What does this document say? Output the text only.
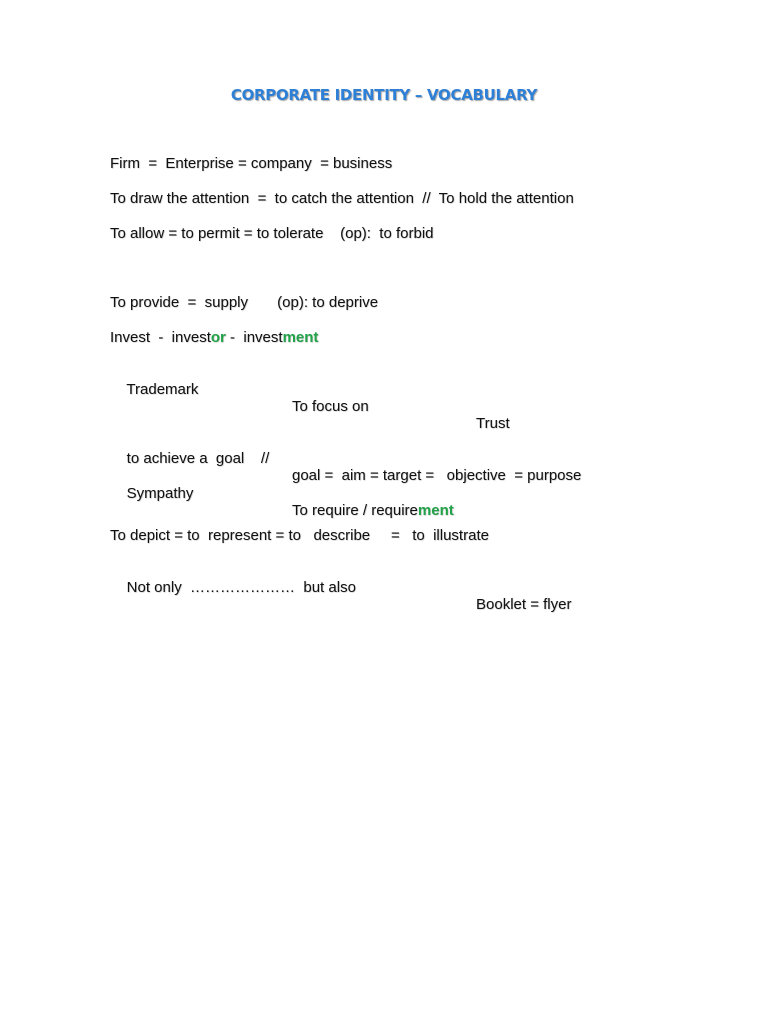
CORPORATE IDENTITY – VOCABULARY
Firm  =  Enterprise = company  = business
To draw the attention  =  to catch the attention  //  To hold the attention
To allow = to permit = to tolerate    (op):  to forbid
To provide  =  supply       (op): to deprive
Invest  -  investor -  investment

Trademark

To focus on

Trust

to achieve a  goal    //

goal =  aim = target =   objective  = purpose

Sympathy

To require / requirement

To depict = to  represent = to   describe     =   to  illustrate

Not only  …………………  but also

Booklet = flyer
